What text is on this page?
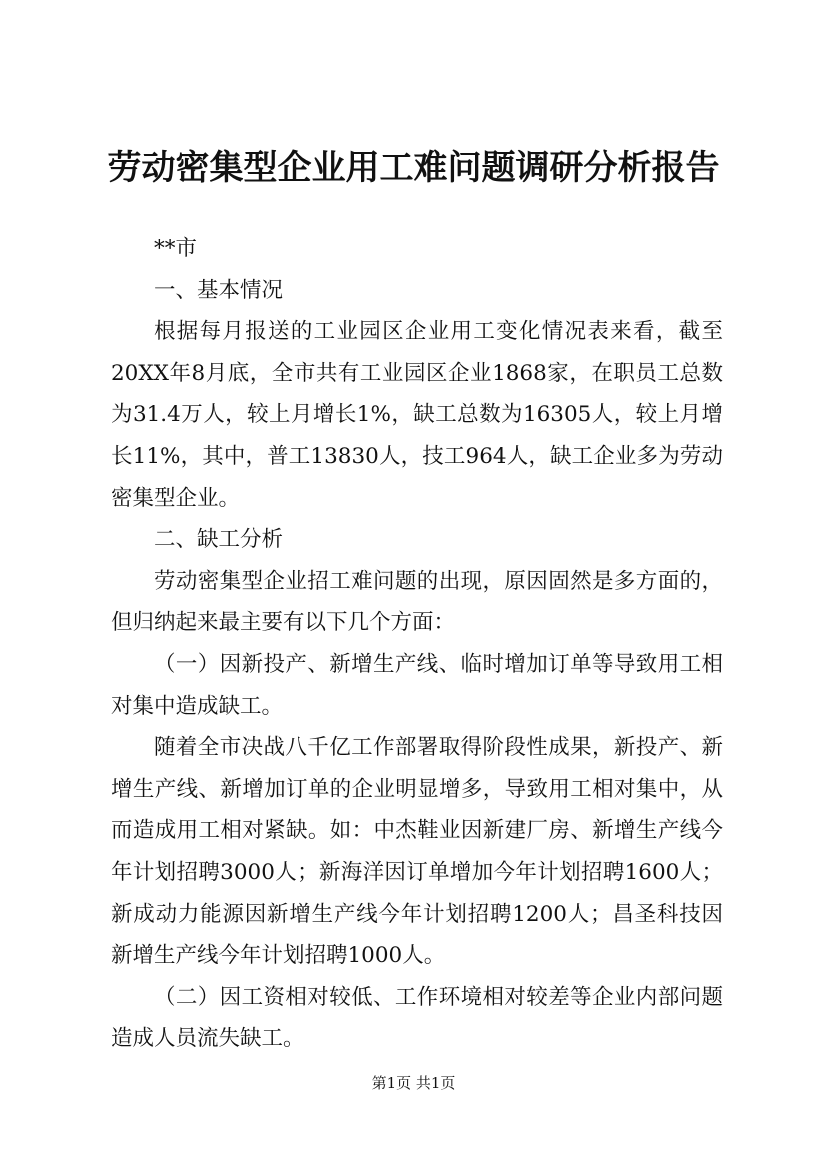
劳动密集型企业用工难问题调研分析报告

**市

一、基本情况

根据每月报送的工业园区企业用工变化情况表来看，截至20XX年8月底，全市共有工业园区企业1868家，在职员工总数为31.4万人，较上月增长1%，缺工总数为16305人，较上月增长11%，其中，普工13830人，技工964人，缺工企业多为劳动密集型企业。

二、缺工分析

劳动密集型企业招工难问题的出现，原因固然是多方面的，但归纳起来最主要有以下几个方面：

（一）因新投产、新增生产线、临时增加订单等导致用工相对集中造成缺工。

随着全市决战八千亿工作部署取得阶段性成果，新投产、新增生产线、新增加订单的企业明显增多，导致用工相对集中，从而造成用工相对紧缺。如：中杰鞋业因新建厂房、新增生产线今年计划招聘3000人；新海洋因订单增加今年计划招聘1600人；新成动力能源因新增生产线今年计划招聘1200人；昌圣科技因新增生产线今年计划招聘1000人。

（二）因工资相对较低、工作环境相对较差等企业内部问题造成人员流失缺工。

第1页 共1页
